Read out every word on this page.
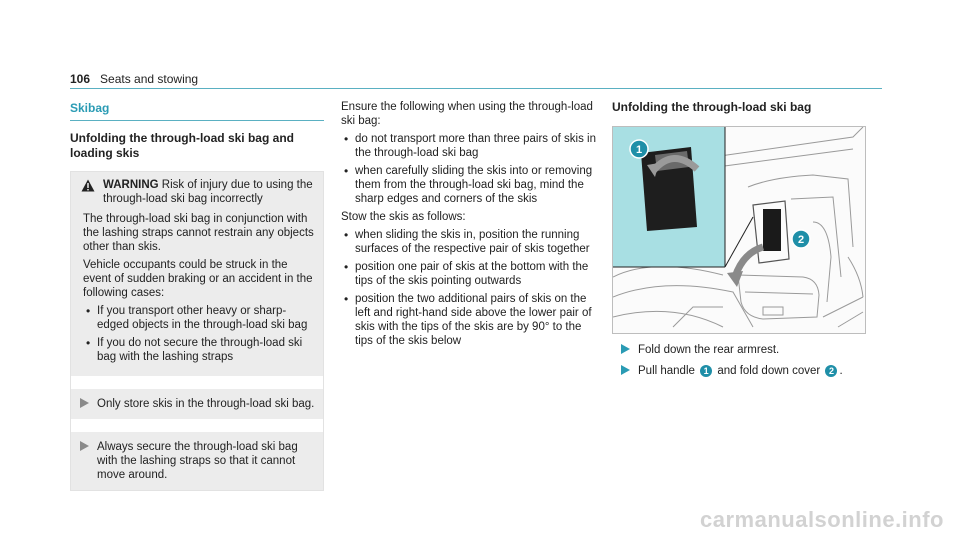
106 Seats and stowing
Skibag
Unfolding the through-load ski bag and loading skis
WARNING Risk of injury due to using the through-load ski bag incorrectly

The through-load ski bag in conjunction with the lashing straps cannot restrain any objects other than skis.

Vehicle occupants could be struck in the event of sudden braking or an accident in the following cases:

• If you transport other heavy or sharp-edged objects in the through-load ski bag
• If you do not secure the through-load ski bag with the lashing straps
Only store skis in the through-load ski bag.
Always secure the through-load ski bag with the lashing straps so that it cannot move around.

Ensure the following when using the through-load ski bag:

• do not transport more than three pairs of skis in the through-load ski bag
• when carefully sliding the skis into or removing them from the through-load ski bag, mind the sharp edges and corners of the skis

Stow the skis as follows:

• when sliding the skis in, position the running surfaces of the respective pair of skis together
• position one pair of skis at the bottom with the tips of the skis pointing outwards
• position the two additional pairs of skis on the left and right-hand side above the lower pair of skis with the tips of the skis are by 90° to the tips of the skis below
Unfolding the through-load ski bag
1
2
Fold down the rear armrest.
Pull handle 1 and fold down cover 2 .
carmanualsonline.info
